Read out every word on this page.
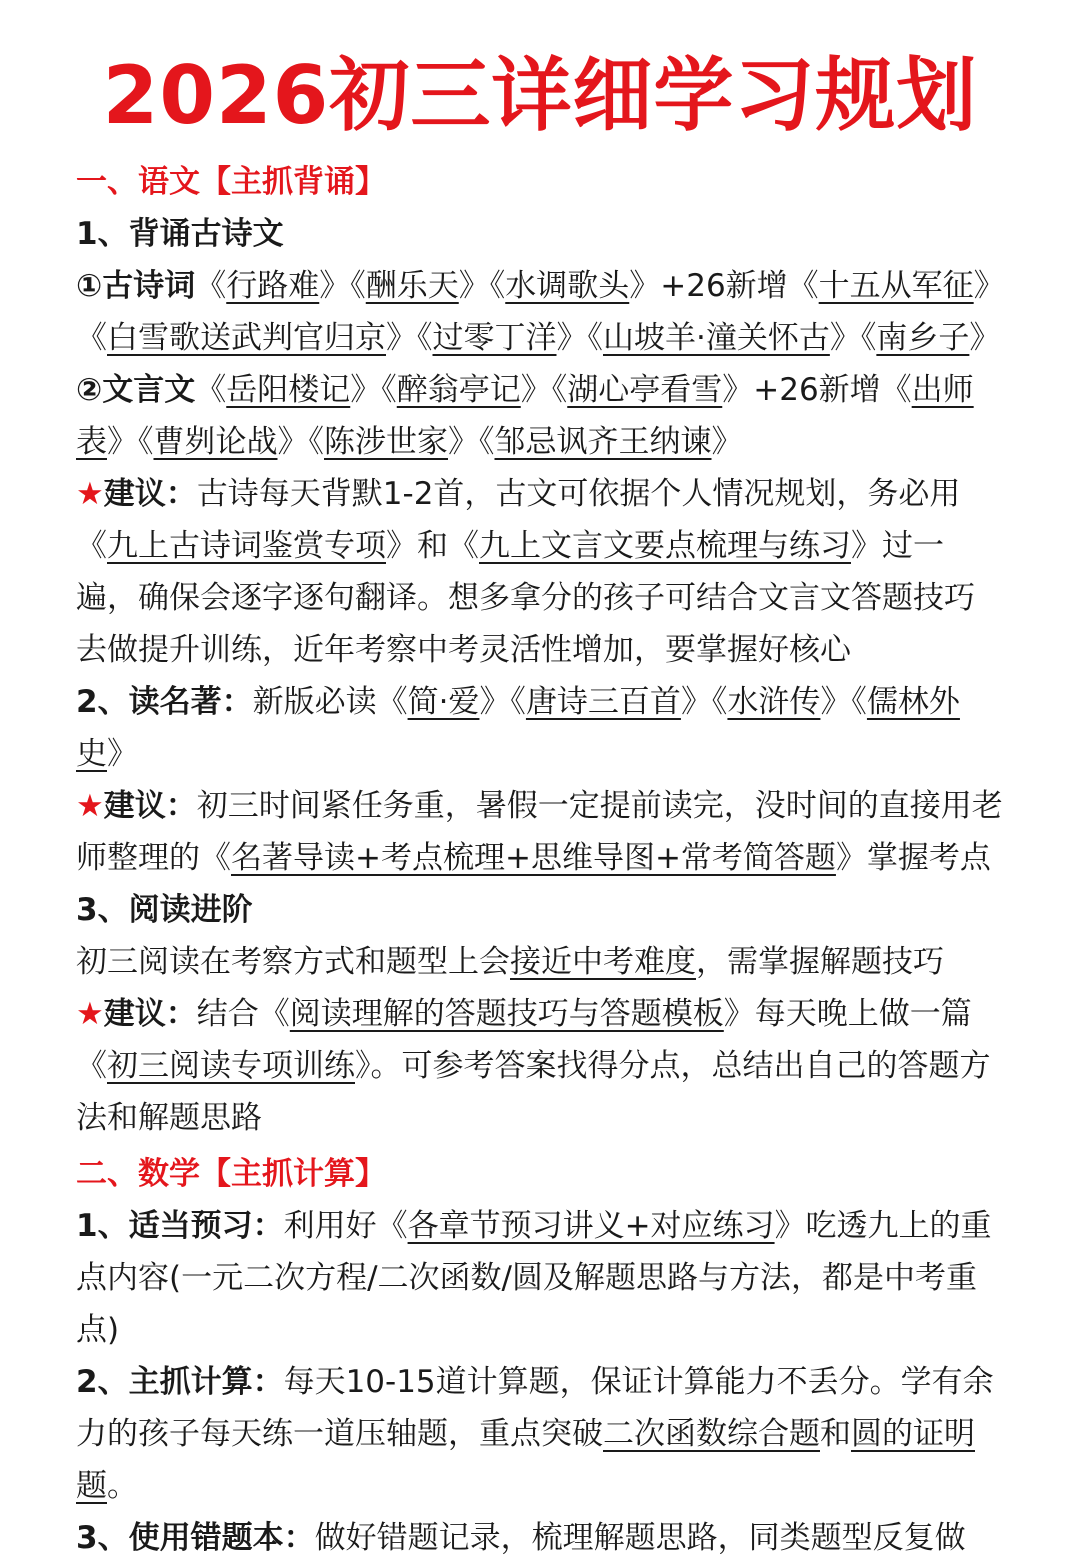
2026初三详细学习规划

一、语文【主抓背诵】

1、背诵古诗文

①古诗词《行路难》《酬乐天》《水调歌头》+26新增《十五从军征》《白雪歌送武判官归京》《过零丁洋》《山坡羊·潼关怀古》《南乡子》

②文言文《岳阳楼记》《醉翁亭记》《湖心亭看雪》+26新增《出师表》《曹刿论战》《陈涉世家》《邹忌讽齐王纳谏》

★建议：古诗每天背默1-2首，古文可依据个人情况规划，务必用《九上古诗词鉴赏专项》和《九上文言文要点梳理与练习》过一遍，确保会逐字逐句翻译。想多拿分的孩子可结合文言文答题技巧去做提升训练，近年考察中考灵活性增加，要掌握好核心

2、读名著：新版必读《简·爱》《唐诗三百首》《水浒传》《儒林外史》

★建议：初三时间紧任务重，暑假一定提前读完，没时间的直接用老师整理的《名著导读+考点梳理+思维导图+常考简答题》掌握考点

3、阅读进阶

初三阅读在考察方式和题型上会接近中考难度，需掌握解题技巧

★建议：结合《阅读理解的答题技巧与答题模板》每天晚上做一篇《初三阅读专项训练》。可参考答案找得分点，总结出自己的答题方法和解题思路

二、数学【主抓计算】

1、适当预习：利用好《各章节预习讲义+对应练习》吃透九上的重点内容(一元二次方程/二次函数/圆及解题思路与方法，都是中考重点)

2、主抓计算：每天10-15道计算题，保证计算能力不丢分。学有余力的孩子每天练一道压轴题，重点突破二次函数综合题和圆的证明题。

3、使用错题本：做好错题记录，梳理解题思路，同类题型反复做
